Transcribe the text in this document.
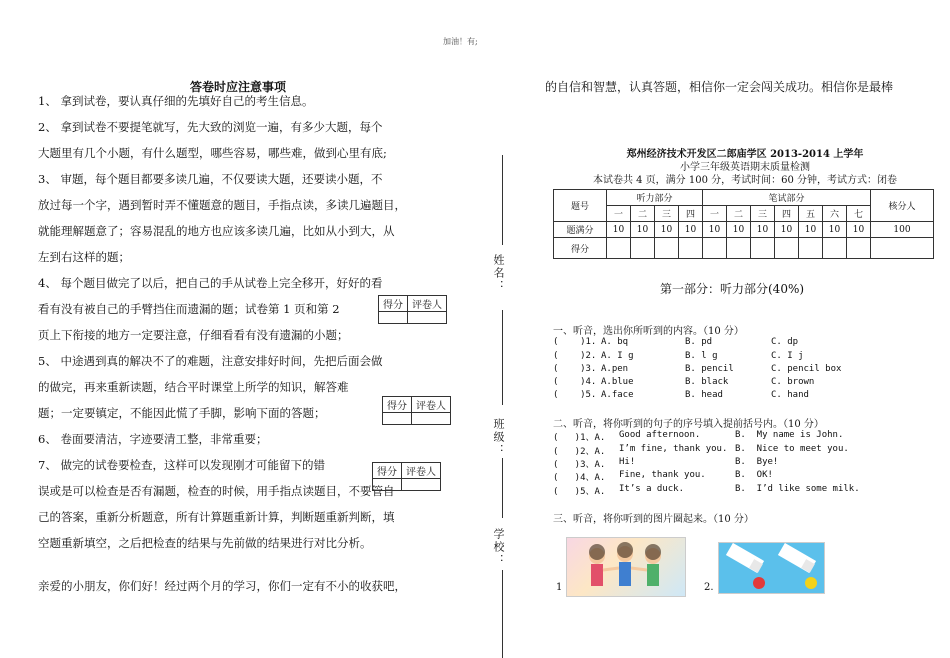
加油！有;
答卷时应注意事项

1、 拿到试卷，要认真仔细的先填好自己的考生信息。

2、 拿到试卷不要提笔就写，先大致的浏览一遍，有多少大题，每个

大题里有几个小题，有什么题型，哪些容易，哪些难，做到心里有底;

3、 审题，每个题目都要多读几遍，不仅要读大题，还要读小题，不

放过每一个字，遇到暂时弄不懂题意的题目，手指点读，多读几遍题目，

就能理解题意了；容易混乱的地方也应该多读几遍，比如从小到大，从

左到右这样的题；

4、 每个题目做完了以后，把自己的手从试卷上完全移开，好好的看

看有没有被自己的手臂挡住而遗漏的题；试卷第 1 页和第 2

页上下衔接的地方一定要注意，仔细看看有没有遗漏的小题；

5、 中途遇到真的解决不了的难题，注意安排好时间，先把后面会做

的做完，再来重新读题，结合平时课堂上所学的知识，解答难

题；一定要镇定，不能因此慌了手脚，影响下面的答题；

6、 卷面要清洁，字迹要清工整，非常重要；

7、 做完的试卷要检查，这样可以发现刚才可能留下的错

误或是可以检查是否有漏题，检查的时候，用手指点读题目，不要管自

己的答案，重新分析题意，所有计算题重新计算，判断题重新判断，填

空题重新填空，之后把检查的结果与先前做的结果进行对比分析。

亲爱的小朋友，你们好！经过两个月的学习，你们一定有不小的收获吧，
的自信和智慧，认真答题，相信你一定会闯关成功。相信你是最棒
得分	评卷人

得分	评卷人

得分	评卷人

姓名：
班级：
学校：
郑州经济技术开发区二郎庙学区 2013-2014 上学年
小学三年级英语期末质量检测
本试卷共 4 页，满分 100 分，考试时间：60 分钟，考试方式：闭卷
题号	听力部分				笔试部分							核分人
	一	二	三	四	一	二	三	四	五	六	七	
题满分	10	10	10	10	10	10	10	10	10	10	10	100
得分												
第一部分：听力部分(40%)
一、听音，选出你所听到的内容。（10 分）
(    )1. A. bq	B. pd	C. dp
(    )2. A. I g	B. l g	C. I j
(    )3. A.pen	B. pencil	C. pencil box
(    )4. A.blue	B. black	C. brown
(    )5. A.face	B. head	C. hand
二、听音，将你听到的句子的序号填入提前括号内。（10 分）
(   )1、A. Good afternoon.	B.  My name is John.
(   )2、A. I’m fine, thank you. B.  Nice to meet you.
(   )3、A. Hi!	B.  Bye!
(   )4、A. Fine, thank you.	B.  OK!
(   )5、A. It’s a duck.	B.  I’d like some milk.
三、听音，将你听到的图片圈起来。（10 分）
1	2.
